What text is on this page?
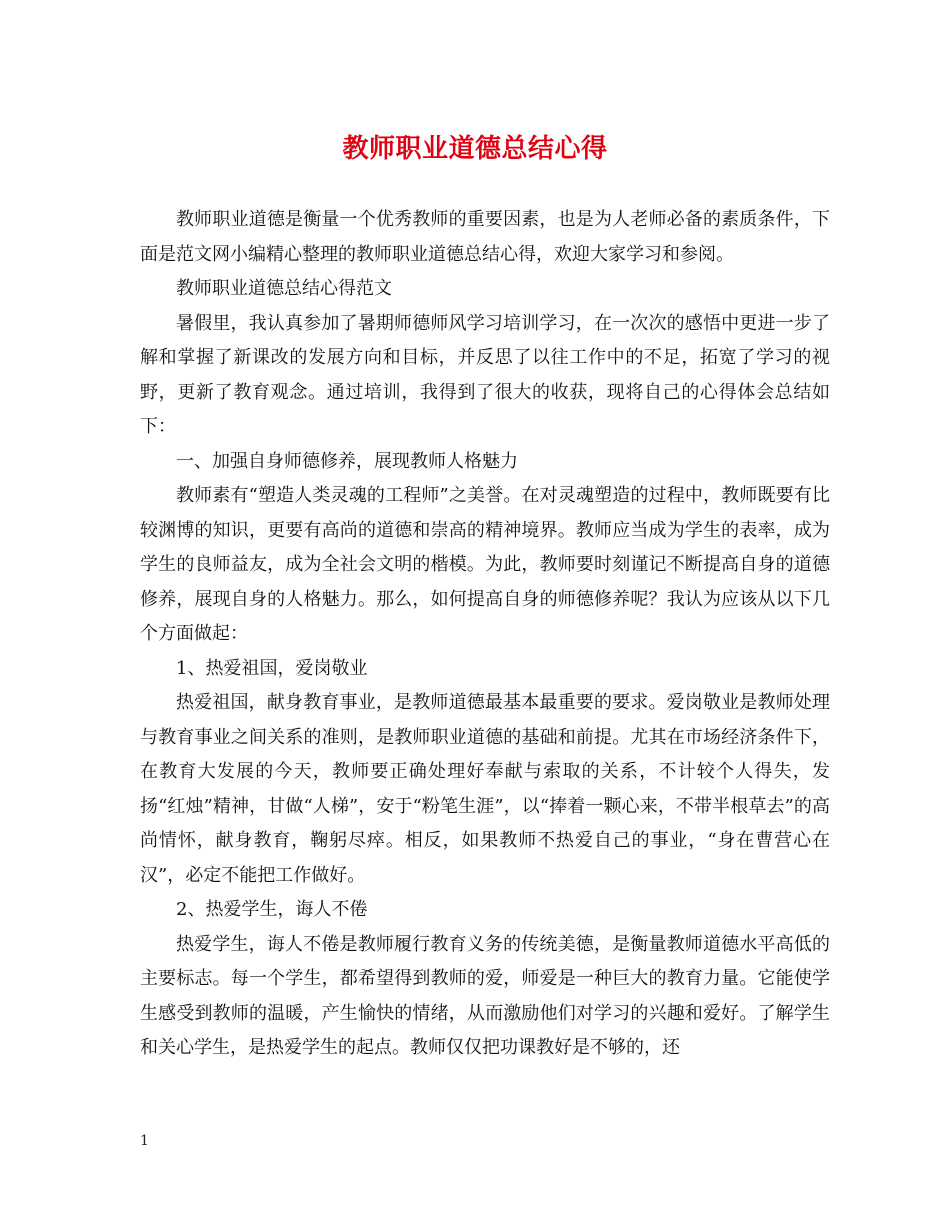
教师职业道德总结心得

教师职业道德是衡量一个优秀教师的重要因素，也是为人老师必备的素质条件，下面是范文网小编精心整理的教师职业道德总结心得，欢迎大家学习和参阅。

教师职业道德总结心得范文

暑假里，我认真参加了暑期师德师风学习培训学习，在一次次的感悟中更进一步了解和掌握了新课改的发展方向和目标，并反思了以往工作中的不足，拓宽了学习的视野，更新了教育观念。通过培训，我得到了很大的收获，现将自己的心得体会总结如下：

一、加强自身师德修养，展现教师人格魅力

教师素有“塑造人类灵魂的工程师”之美誉。在对灵魂塑造的过程中，教师既要有比较渊博的知识，更要有高尚的道德和崇高的精神境界。教师应当成为学生的表率，成为学生的良师益友，成为全社会文明的楷模。为此，教师要时刻谨记不断提高自身的道德修养，展现自身的人格魅力。那么，如何提高自身的师德修养呢？我认为应该从以下几个方面做起：

1、热爱祖国，爱岗敬业

热爱祖国，献身教育事业，是教师道德最基本最重要的要求。爱岗敬业是教师处理与教育事业之间关系的准则，是教师职业道德的基础和前提。尤其在市场经济条件下，在教育大发展的今天，教师要正确处理好奉献与索取的关系，不计较个人得失，发扬“红烛”精神，甘做“人梯”，安于“粉笔生涯”，以“捧着一颗心来，不带半根草去”的高尚情怀，献身教育，鞠躬尽瘁。相反，如果教师不热爱自己的事业，“身在曹营心在汉”，必定不能把工作做好。

2、热爱学生，诲人不倦

热爱学生，诲人不倦是教师履行教育义务的传统美德，是衡量教师道德水平高低的主要标志。每一个学生，都希望得到教师的爱，师爱是一种巨大的教育力量。它能使学生感受到教师的温暖，产生愉快的情绪，从而激励他们对学习的兴趣和爱好。了解学生和关心学生，是热爱学生的起点。教师仅仅把功课教好是不够的，还

1
